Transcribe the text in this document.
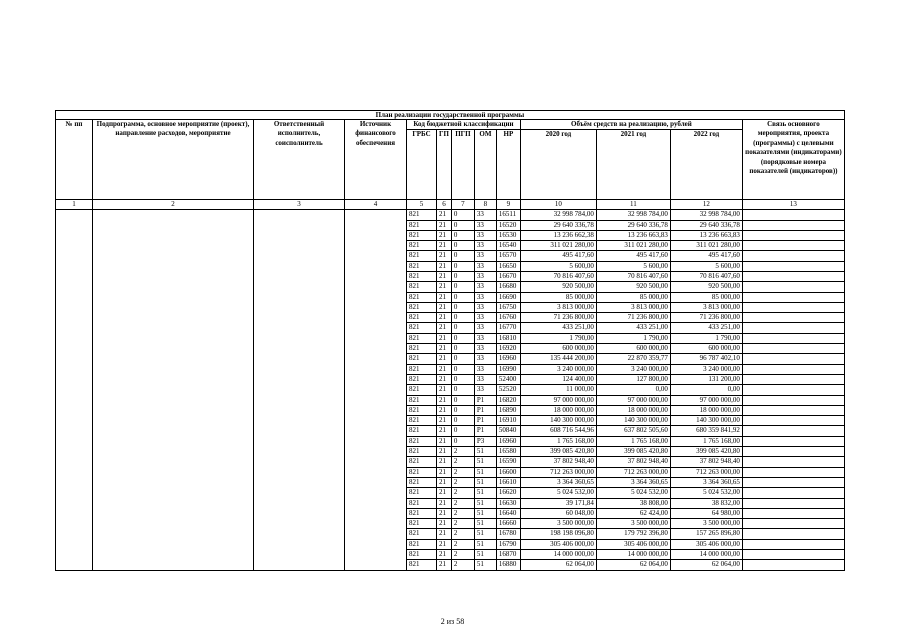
План реализации государственной программы												
№ пп	Подпрограмма, основное мероприятие (проект), направление расходов, мероприятие	Ответственный исполнитель, соисполнитель	Источник финансового обеспечения	Код бюджетной классификации					Объём средств на реализацию, рублей			Связь основного мероприятия, проекта (программы) с целевыми показателями (индикаторами) (порядковые номера показателей (индикаторов))
				ГРБС	ГП	ПГП	ОМ	НР	2020 год	2021 год	2022 год	
1	2	3	4	5	6	7	8	9	10	11	12	13
				821	21	0	33	16511	32 998 784,00	32 998 784,00	32 998 784,00	
				821	21	0	33	16520	29 640 336,78	29 640 336,78	29 640 336,78	
				821	21	0	33	16530	13 236 662,38	13 236 663,83	13 236 663,83	
				821	21	0	33	16540	311 021 280,00	311 021 280,00	311 021 280,00	
				821	21	0	33	16570	495 417,60	495 417,60	495 417,60	
				821	21	0	33	16650	5 600,00	5 600,00	5 600,00	
				821	21	0	33	16670	70 816 407,60	70 816 407,60	70 816 407,60	
				821	21	0	33	16680	920 500,00	920 500,00	920 500,00	
				821	21	0	33	16690	85 000,00	85 000,00	85 000,00	
				821	21	0	33	16750	3 813 000,00	3 813 000,00	3 813 000,00	
				821	21	0	33	16760	71 236 800,00	71 236 800,00	71 236 800,00	
				821	21	0	33	16770	433 251,00	433 251,00	433 251,00	
				821	21	0	33	16810	1 790,00	1 790,00	1 790,00	
				821	21	0	33	16920	600 000,00	600 000,00	600 000,00	
				821	21	0	33	16960	135 444 200,00	22 870 359,77	96 787 402,10	
				821	21	0	33	16990	3 240 000,00	3 240 000,00	3 240 000,00	
				821	21	0	33	52400	124 400,00	127 800,00	131 200,00	
				821	21	0	33	52520	11 000,00	0,00	0,00	
				821	21	0	P1	16820	97 000 000,00	97 000 000,00	97 000 000,00	
				821	21	0	P1	16890	18 000 000,00	18 000 000,00	18 000 000,00	
				821	21	0	P1	16910	140 300 000,00	140 300 000,00	140 300 000,00	
				821	21	0	P1	50840	608 716 544,96	637 802 505,60	680 359 841,92	
				821	21	0	P3	16960	1 765 168,00	1 765 168,00	1 765 168,00	
				821	21	2	51	16580	399 085 420,80	399 085 420,80	399 085 420,80	
				821	21	2	51	16590	37 802 948,40	37 802 948,40	37 802 948,40	
				821	21	2	51	16600	712 263 000,00	712 263 000,00	712 263 000,00	
				821	21	2	51	16610	3 364 360,65	3 364 360,65	3 364 360,65	
				821	21	2	51	16620	5 024 532,00	5 024 532,00	5 024 532,00	
				821	21	2	51	16630	39 171,84	38 808,00	38 832,00	
				821	21	2	51	16640	60 048,00	62 424,00	64 980,00	
				821	21	2	51	16660	3 500 000,00	3 500 000,00	3 500 000,00	
				821	21	2	51	16780	198 198 096,80	179 792 396,80	157 265 896,80	
				821	21	2	51	16790	305 406 000,00	305 406 000,00	305 406 000,00	
				821	21	2	51	16870	14 000 000,00	14 000 000,00	14 000 000,00	
				821	21	2	51	16880	62 064,00	62 064,00	62 064,00	
2 из 58
